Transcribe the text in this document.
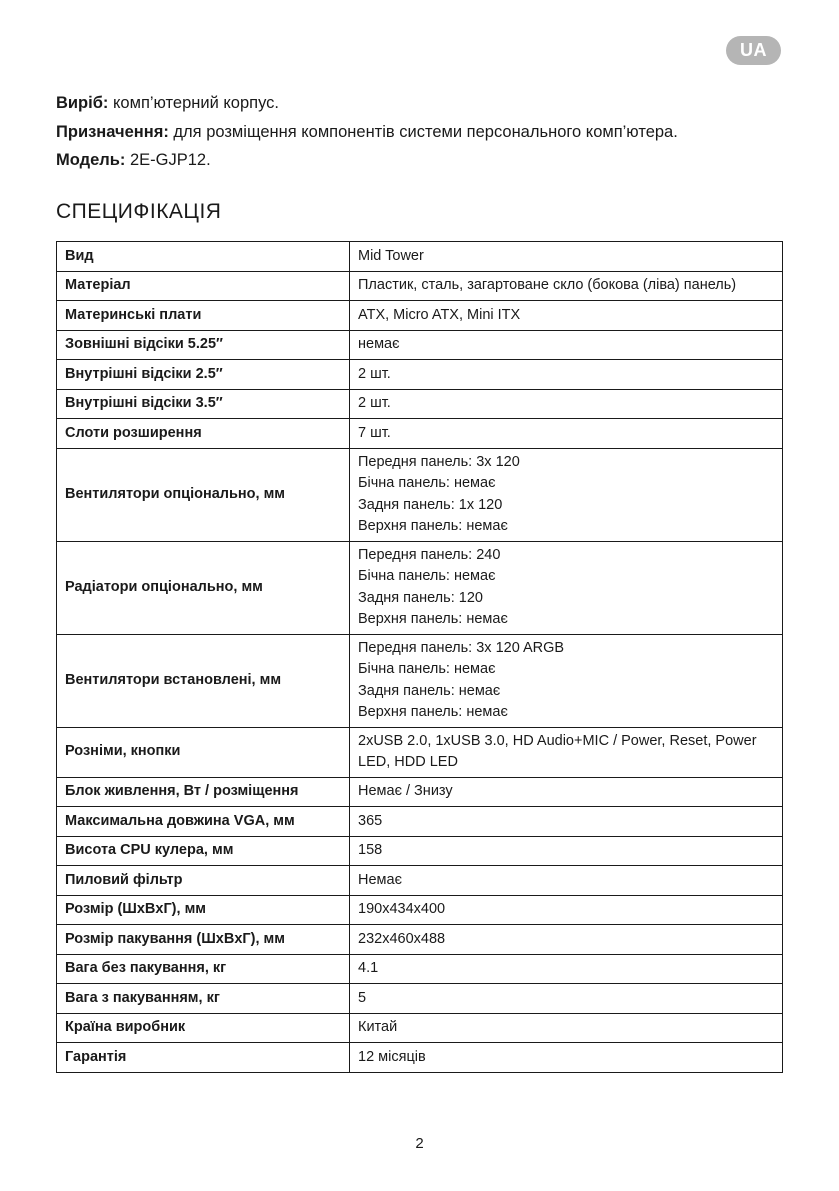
UA
Виріб: комп’ютерний корпус.
Призначення: для розміщення компонентів системи персонального комп’ютера.
Модель: 2E-GJP12.
СПЕЦИФІКАЦІЯ
Вид	Mid Tower
Матеріал	Пластик, сталь, загартоване скло (бокова (ліва) панель)
Материнські плати	ATX, Micro ATX, Mini ITX
Зовнішні відсіки 5.25″	немає
Внутрішні відсіки 2.5″	2 шт.
Внутрішні відсіки 3.5″	2 шт.
Слоти розширення	7 шт.
Вентилятори опціонально, мм	Передня панель: 3x 120
Бічна панель: немає
Задня панель: 1x 120
Верхня панель: немає
Радіатори опціонально, мм	Передня панель: 240
Бічна панель: немає
Задня панель: 120
Верхня панель: немає
Вентилятори встановлені, мм	Передня панель: 3x 120 ARGB
Бічна панель: немає
Задня панель: немає
Верхня панель: немає
Розніми, кнопки	2xUSB 2.0, 1xUSB 3.0, HD Audio+MIC / Power, Reset, Power LED, HDD LED
Блок живлення, Вт / розміщення	Немає / Знизу
Максимальна довжина VGA, мм	365
Висота CPU кулера, мм	158
Пиловий фільтр	Немає
Розмір (ШxВxГ), мм	190x434x400
Розмір пакування (ШxВxГ), мм	232x460x488
Вага без пакування, кг	4.1
Вага з пакуванням, кг	5
Країна виробник	Китай
Гарантія	12 місяців
2
